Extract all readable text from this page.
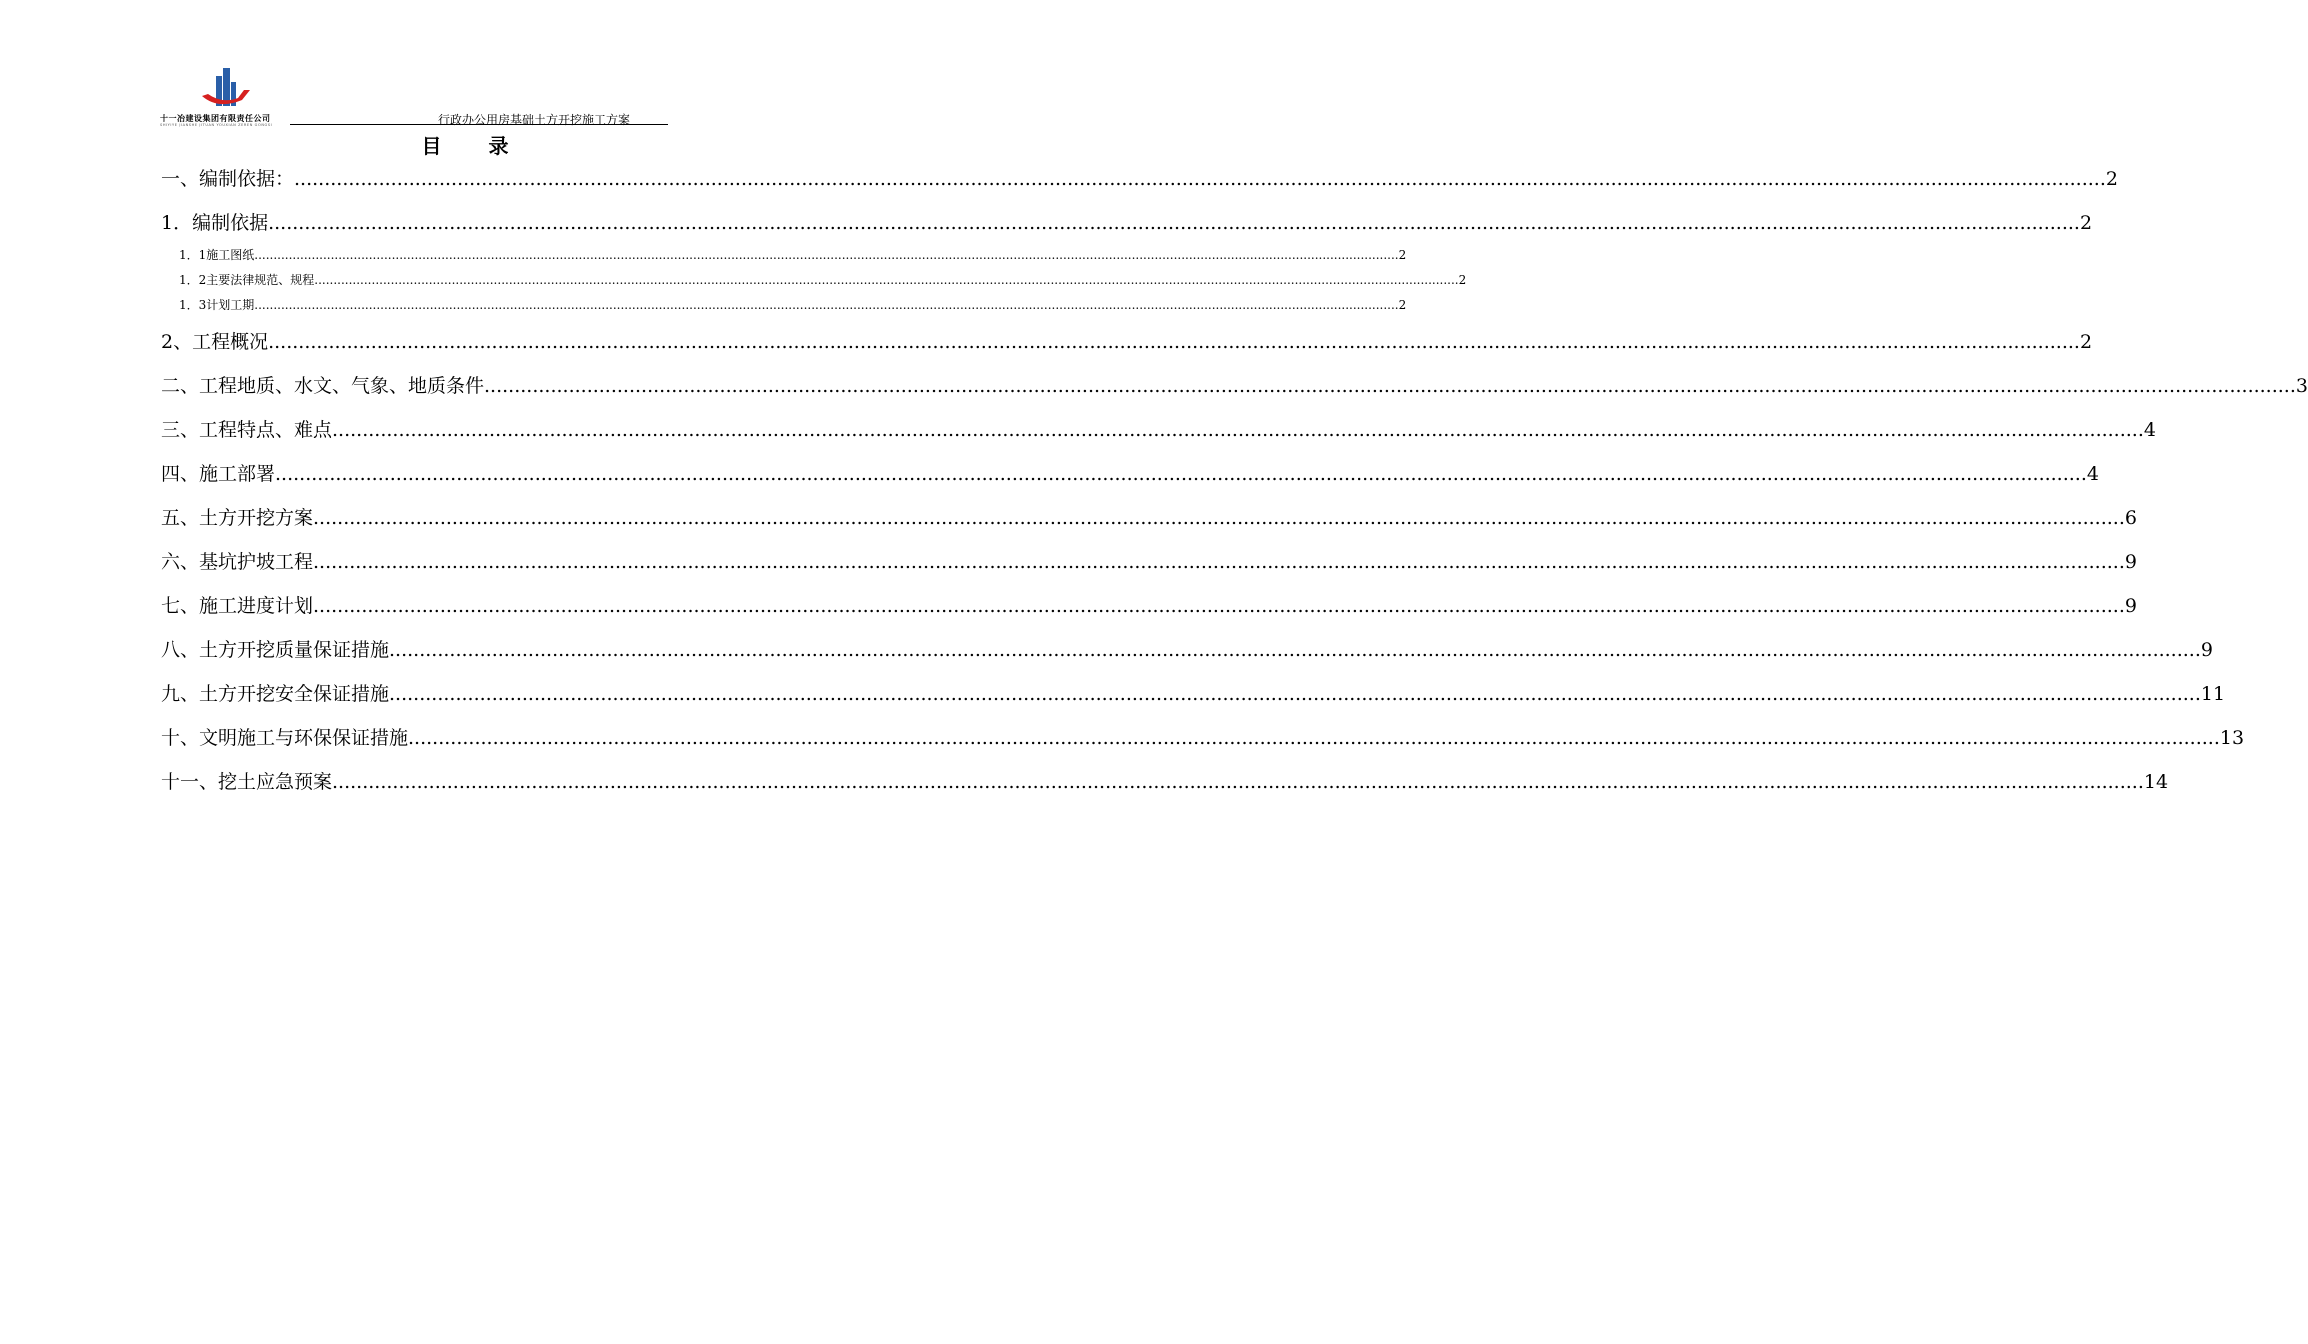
十一冶建设集团有限责任公司
SHIYIYE JIANSHE JITUAN YOUXIAN ZEREN GONGSI	行政办公用房基础土方开挖施工方案
目 录
一、编制依据： ............................................................................................................................................................................................................................................................................................................ 2
1．编制依据 ............................................................................................................................................................................................................................................................................................................ 2
1．1施工图纸 ............................................................................................................................................................................................................................................................................................................ 2
1．2主要法律规范、规程 ............................................................................................................................................................................................................................................................................................................ 2
1．3计划工期 ............................................................................................................................................................................................................................................................................................................ 2
2、工程概况 ............................................................................................................................................................................................................................................................................................................ 2
二、工程地质、水文、气象、地质条件 ............................................................................................................................................................................................................................................................................................................ 3
三、工程特点、难点 ............................................................................................................................................................................................................................................................................................................ 4
四、施工部署 ............................................................................................................................................................................................................................................................................................................ 4
五、土方开挖方案 ............................................................................................................................................................................................................................................................................................................ 6
六、基坑护坡工程 ............................................................................................................................................................................................................................................................................................................ 9
七、施工进度计划 ............................................................................................................................................................................................................................................................................................................ 9
八、土方开挖质量保证措施 ............................................................................................................................................................................................................................................................................................................ 9
九、土方开挖安全保证措施 ............................................................................................................................................................................................................................................................................................................ 11
十、文明施工与环保保证措施 ............................................................................................................................................................................................................................................................................................................ 13
十一、挖土应急预案 ............................................................................................................................................................................................................................................................................................................ 14
